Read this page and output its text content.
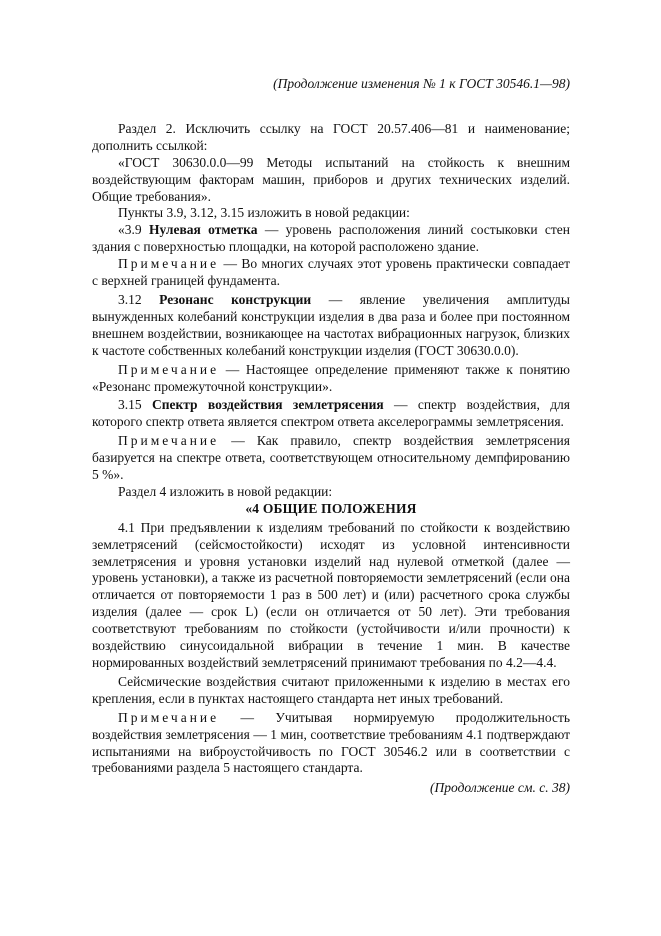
(Продолжение изменения № 1 к ГОСТ 30546.1—98)

Раздел 2. Исключить ссылку на ГОСТ 20.57.406—81 и наименование; дополнить ссылкой:

«ГОСТ 30630.0.0—99 Методы испытаний на стойкость к внешним воздействующим факторам машин, приборов и других технических изделий. Общие требования».

Пункты 3.9, 3.12, 3.15 изложить в новой редакции:

«3.9 Нулевая отметка — уровень расположения линий состыковки стен здания с поверхностью площадки, на которой расположено здание.

Примечание — Во многих случаях этот уровень практически совпадает с верхней границей фундамента.

3.12 Резонанс конструкции — явление увеличения амплитуды вынужденных колебаний конструкции изделия в два раза и более при постоянном внешнем воздействии, возникающее на частотах вибрационных нагрузок, близких к частоте собственных колебаний конструкции изделия (ГОСТ 30630.0.0).

Примечание — Настоящее определение применяют также к понятию «Резонанс промежуточной конструкции».

3.15 Спектр воздействия землетрясения — спектр воздействия, для которого спектр ответа является спектром ответа акселерограммы землетрясения.

Примечание — Как правило, спектр воздействия землетрясения базируется на спектре ответа, соответствующем относительному демпфированию 5 %».

Раздел 4 изложить в новой редакции:

«4 ОБЩИЕ ПОЛОЖЕНИЯ

4.1 При предъявлении к изделиям требований по стойкости к воздействию землетрясений (сейсмостойкости) исходят из условной интенсивности землетрясения и уровня установки изделий над нулевой отметкой (далее — уровень установки), а также из расчетной повторяемости землетрясений (если она отличается от повторяемости 1 раз в 500 лет) и (или) расчетного срока службы изделия (далее — срок L) (если он отличается от 50 лет). Эти требования соответствуют требованиям по стойкости (устойчивости и/или прочности) к воздействию синусоидальной вибрации в течение 1 мин. В качестве нормированных воздействий землетрясений принимают требования по 4.2—4.4.

Сейсмические воздействия считают приложенными к изделию в местах его крепления, если в пунктах настоящего стандарта нет иных требований.

Примечание — Учитывая нормируемую продолжительность воздействия землетрясения — 1 мин, соответствие требованиям 4.1 подтверждают испытаниями на виброустойчивость по ГОСТ 30546.2 или в соответствии с требованиями раздела 5 настоящего стандарта.

(Продолжение см. с. 38)
